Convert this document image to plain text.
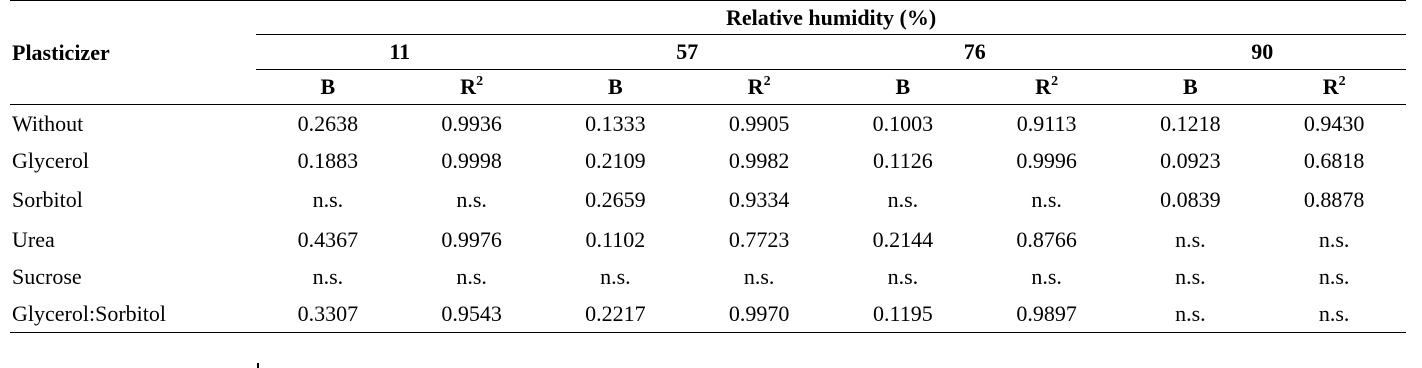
Plasticizer	Relative humidity (%)							
	11		57		76		90	
	B	$R^2$	B	$R^2$	B	$R^2$	B	$R^2$
Without	0.2638	0.9936	0.1333	0.9905	0.1003	0.9113	0.1218	0.9430
Glycerol	0.1883	0.9998	0.2109	0.9982	0.1126	0.9996	0.0923	0.6818
Sorbitol	n.s.	n.s.	0.2659	0.9334	n.s.	n.s.	0.0839	0.8878
Urea	0.4367	0.9976	0.1102	0.7723	0.2144	0.8766	n.s.	n.s.
Sucrose	n.s.	n.s.	n.s.	n.s.	n.s.	n.s.	n.s.	n.s.
Glycerol:Sorbitol	0.3307	0.9543	0.2217	0.9970	0.1195	0.9897	n.s.	n.s.
